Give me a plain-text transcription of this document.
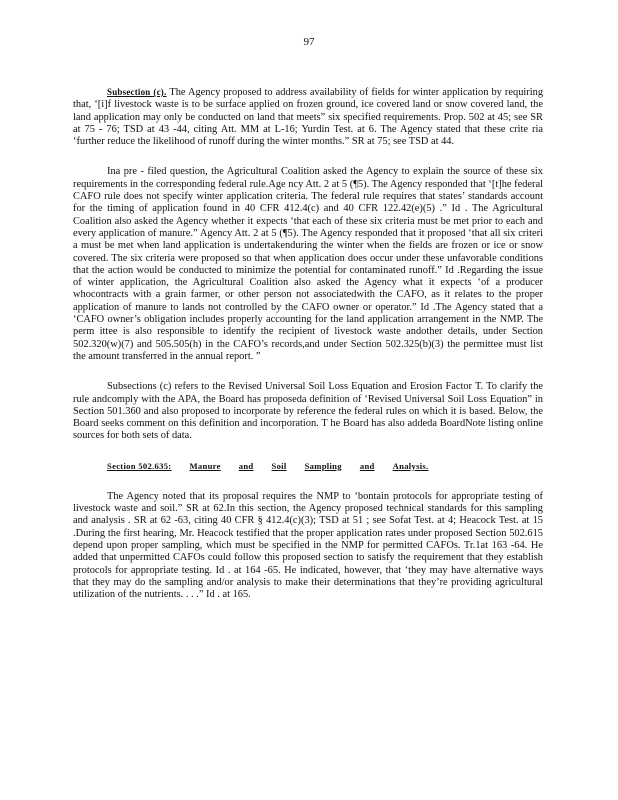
97

Subsection (c). The Agency proposed to address availability of fields for winter application by requiring that, ‘[i]f livestock waste is to be surface applied on frozen ground, ice covered land or snow covered land, the land application may only be conducted on land that meets” six specified requirements. Prop. 502 at 45; see SR at 75 - 76; TSD at 43 -44, citing Att. MM at L-16; Yurdin Test. at 6. The Agency stated that these crite ria ‘further reduce the likelihood of runoff during the winter months.” SR at 75; see TSD at 44.

Ina pre - filed question, the Agricultural Coalition asked the Agency to explain the source of these six requirements in the corresponding federal rule.Age ncy Att. 2 at 5 (¶5). The Agency responded that ‘[t]he federal CAFO rule does not specify winter application criteria. The federal rule requires that states’ standards account for the timing of application found in 40 CFR 412.4(c) and 40 CFR 122.42(e)(5) .” Id . The Agricultural Coalition also asked the Agency whether it expects ‘that each of these six criteria must be met prior to each and every application of manure.” Agency Att. 2 at 5 (¶5). The Agency responded that it proposed ‘that all six criteri a must be met when land application is undertakenduring the winter when the fields are frozen or ice or snow covered. The six criteria were proposed so that when application does occur under these unfavorable conditions that the action would be conducted to minimize the potential for contaminated runoff.” Id .Regarding the issue of winter application, the Agricultural Coalition also asked the Agency what it expects ‘of a producer whocontracts with a grain farmer, or other person not associatedwith the CAFO, as it relates to the proper application of manure to lands not controlled by the CAFO owner or operator.” Id .The Agency stated that a ‘CAFO owner’s obligation includes properly accounting for the land application arrangement in the NMP. The perm ittee is also responsible to identify the recipient of livestock waste andother details, under Section 502.320(w)(7) and 505.505(h) in the CAFO’s records,and under Section 502.325(b)(3) the permittee must list the amount transferred in the annual report. ”

Subsections (c) refers to the Revised Universal Soil Loss Equation and Erosion Factor T. To clarify the rule andcomply with the APA, the Board has proposeda definition of ‘Revised Universal Soil Loss Equation” in Section 501.360 and also proposed to incorporate by reference the federal rules on which it is based. Below, the Board seeks comment on this definition and incorporation. T he Board has also addeda BoardNote listing online sources for both sets of data.

Section 502.635: Manure and Soil Sampling and Analysis.

The Agency noted that its proposal requires the NMP to ‘bontain protocols for appropriate testing of livestock waste and soil.” SR at 62.In this section, the Agency proposed technical standards for this sampling and analysis . SR at 62 -63, citing 40 CFR § 412.4(c)(3); TSD at 51 ; see Sofat Test. at 4; Heacock Test. at 15 .During the first hearing, Mr. Heacock testified that the proper application rates under proposed Section 502.615 depend upon proper sampling, which must be specified in the NMP for permitted CAFOs. Tr.1at 163 -64. He added that unpermitted CAFOs could follow this proposed section to satisfy the requirement that they establish protocols for appropriate testing. Id . at 164 -65. He indicated, however, that ‘they may have alternative ways that they may do the sampling and/or analysis to make their determinations that they’re providing agricultural utilization of the nutrients. . . .” Id . at 165.
